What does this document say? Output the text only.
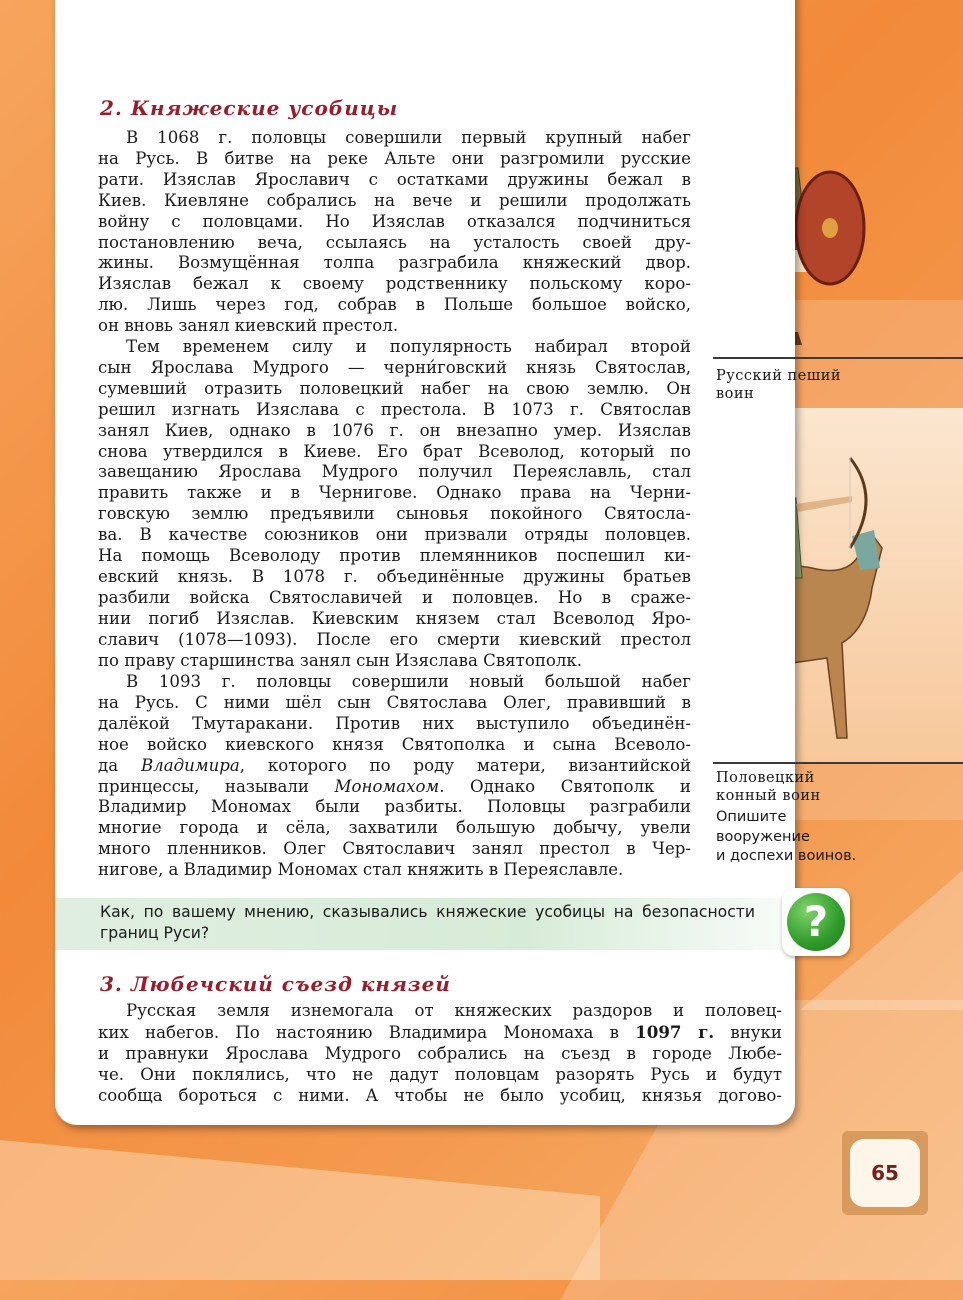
2. Княжеские усобицы
В 1068 г. половцы совершили первый крупный набег
на Русь. В битве на реке Альте они разгромили русские
рати. Изяслав Ярославич с остатками дружины бежал в
Киев. Киевляне собрались на вече и решили продолжать
войну с половцами. Но Изяслав отказался подчиниться
постановлению веча, ссылаясь на усталость своей дру-
жины. Возмущённая толпа разграбила княжеский двор.
Изяслав бежал к своему родственнику польскому коро-
лю. Лишь через год, собрав в Польше большое войско,
он вновь занял киевский престол.
Тем временем силу и популярность набирал второй
сын Ярослава Мудрого — черни́говский князь Святослав,
сумевший отразить половецкий набег на свою землю. Он
решил изгнать Изяслава с престола. В 1073 г. Святослав
занял Киев, однако в 1076 г. он внезапно умер. Изяслав
снова утвердился в Киеве. Его брат Всеволод, который по
завещанию Ярослава Мудрого получил Переяславль, стал
править также и в Чернигове. Однако права на Черни-
говскую землю предъявили сыновья покойного Святосла-
ва. В качестве союзников они призвали отряды половцев.
На помощь Всеволоду против племянников поспешил ки-
евский князь. В 1078 г. объединённые дружины братьев
разбили войска Святославичей и половцев. Но в сраже-
нии погиб Изяслав. Киевским князем стал Всеволод Яро-
славич (1078—1093). После его смерти киевский престол
по праву старшинства занял сын Изяслава Святополк.
В 1093 г. половцы совершили новый большой набег
на Русь. С ними шёл сын Святослава Олег, правивший в
далёкой Тмутаракани. Против них выступило объединён-
ное войско киевского князя Святополка и сына Всеволо-
да Владимира, которого по роду матери, византийской
принцессы, называли Мономахом. Однако Святополк и
Владимир Мономах были разбиты. Половцы разграбили
многие города и сёла, захватили большую добычу, увели
много пленников. Олег Святославич занял престол в Чер-
нигове, а Владимир Мономах стал княжить в Переяславле.

Как, по вашему мнению, сказывались княжеские усобицы на безопасности границ Руси?	?
3. Любечский съезд князей
Русская земля изнемогала от княжеских раздоров и половец-
ких набегов. По настоянию Владимира Мономаха в 1097 г. внуки
и правнуки Ярослава Мудрого собрались на съезд в городе Любе-
че. Они поклялись, что не дадут половцам разорять Русь и будут
сообща бороться с ними. А чтобы не было усобиц, князья догово-

Русский пеший
воин

Половецкий
конный воин

Опишите
вооружение
и доспехи воинов.

65
